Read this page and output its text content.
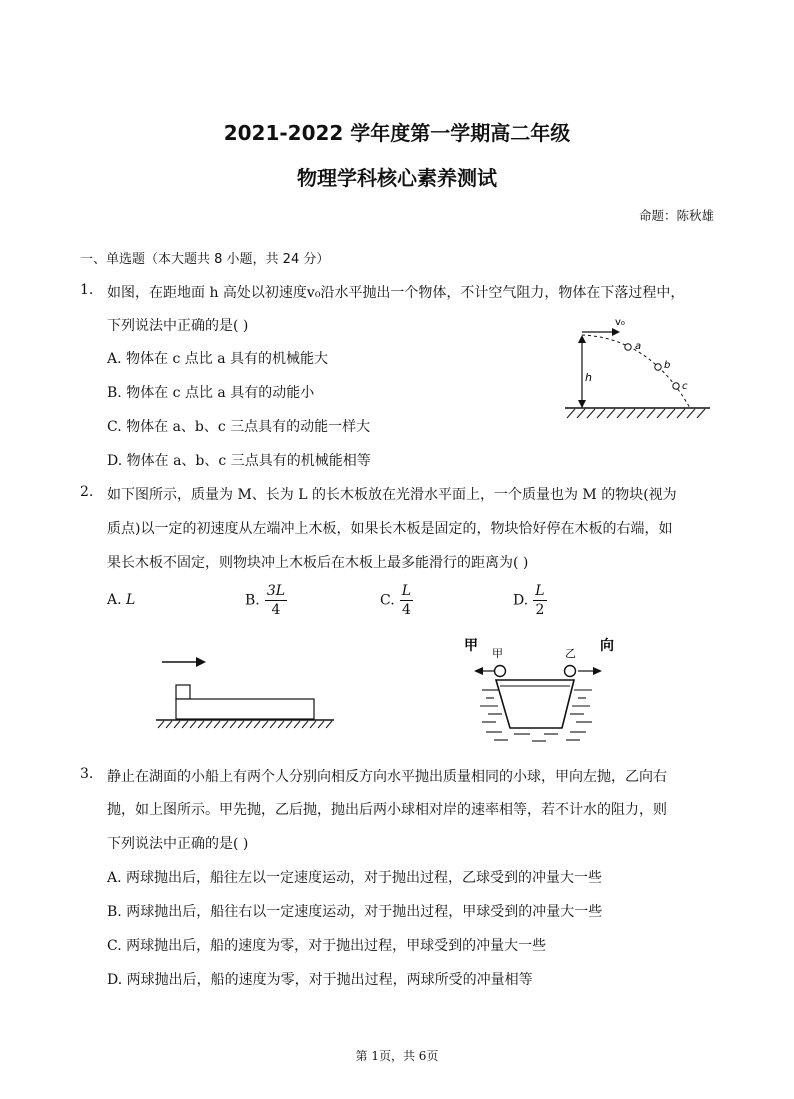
2021-2022 学年度第一学期高二年级
物理学科核心素养测试
命题：陈秋雄
一、单选题（本大题共 8 小题，共 24 分）
1. 如图，在距地面 h 高处以初速度v₀沿水平抛出一个物体，不计空气阻力，物体在下落过程中，
下列说法中正确的是( )
A. 物体在 c 点比 a 具有的机械能大
B. 物体在 c 点比 a 具有的动能小
C. 物体在 a、b、c 三点具有的动能一样大
D. 物体在 a、b、c 三点具有的机械能相等
h
v₀
a
b
c
2. 如下图所示，质量为 M、长为 L 的长木板放在光滑水平面上，一个质量也为 M 的物块(视为
质点)以一定的初速度从左端冲上木板，如果长木板是固定的，物块恰好停在木板的右端，如
果长木板不固定，则物块冲上木板后在木板上最多能滑行的距离为( )
A. L	B. $\frac{3L}{4}$	C. $\frac{L}{4}$	D. $\frac{L}{2}$
甲 甲	乙 向
3. 静止在湖面的小船上有两个人分别向相反方向水平抛出质量相同的小球，甲向左抛，乙向右
抛，如上图所示。甲先抛，乙后抛，抛出后两小球相对岸的速率相等，若不计水的阻力，则
下列说法中正确的是( )
A. 两球抛出后，船往左以一定速度运动，对于抛出过程，乙球受到的冲量大一些
B. 两球抛出后，船往右以一定速度运动，对于抛出过程，甲球受到的冲量大一些
C. 两球抛出后，船的速度为零，对于抛出过程，甲球受到的冲量大一些
D. 两球抛出后，船的速度为零，对于抛出过程，两球所受的冲量相等
第 1页，共 6页
